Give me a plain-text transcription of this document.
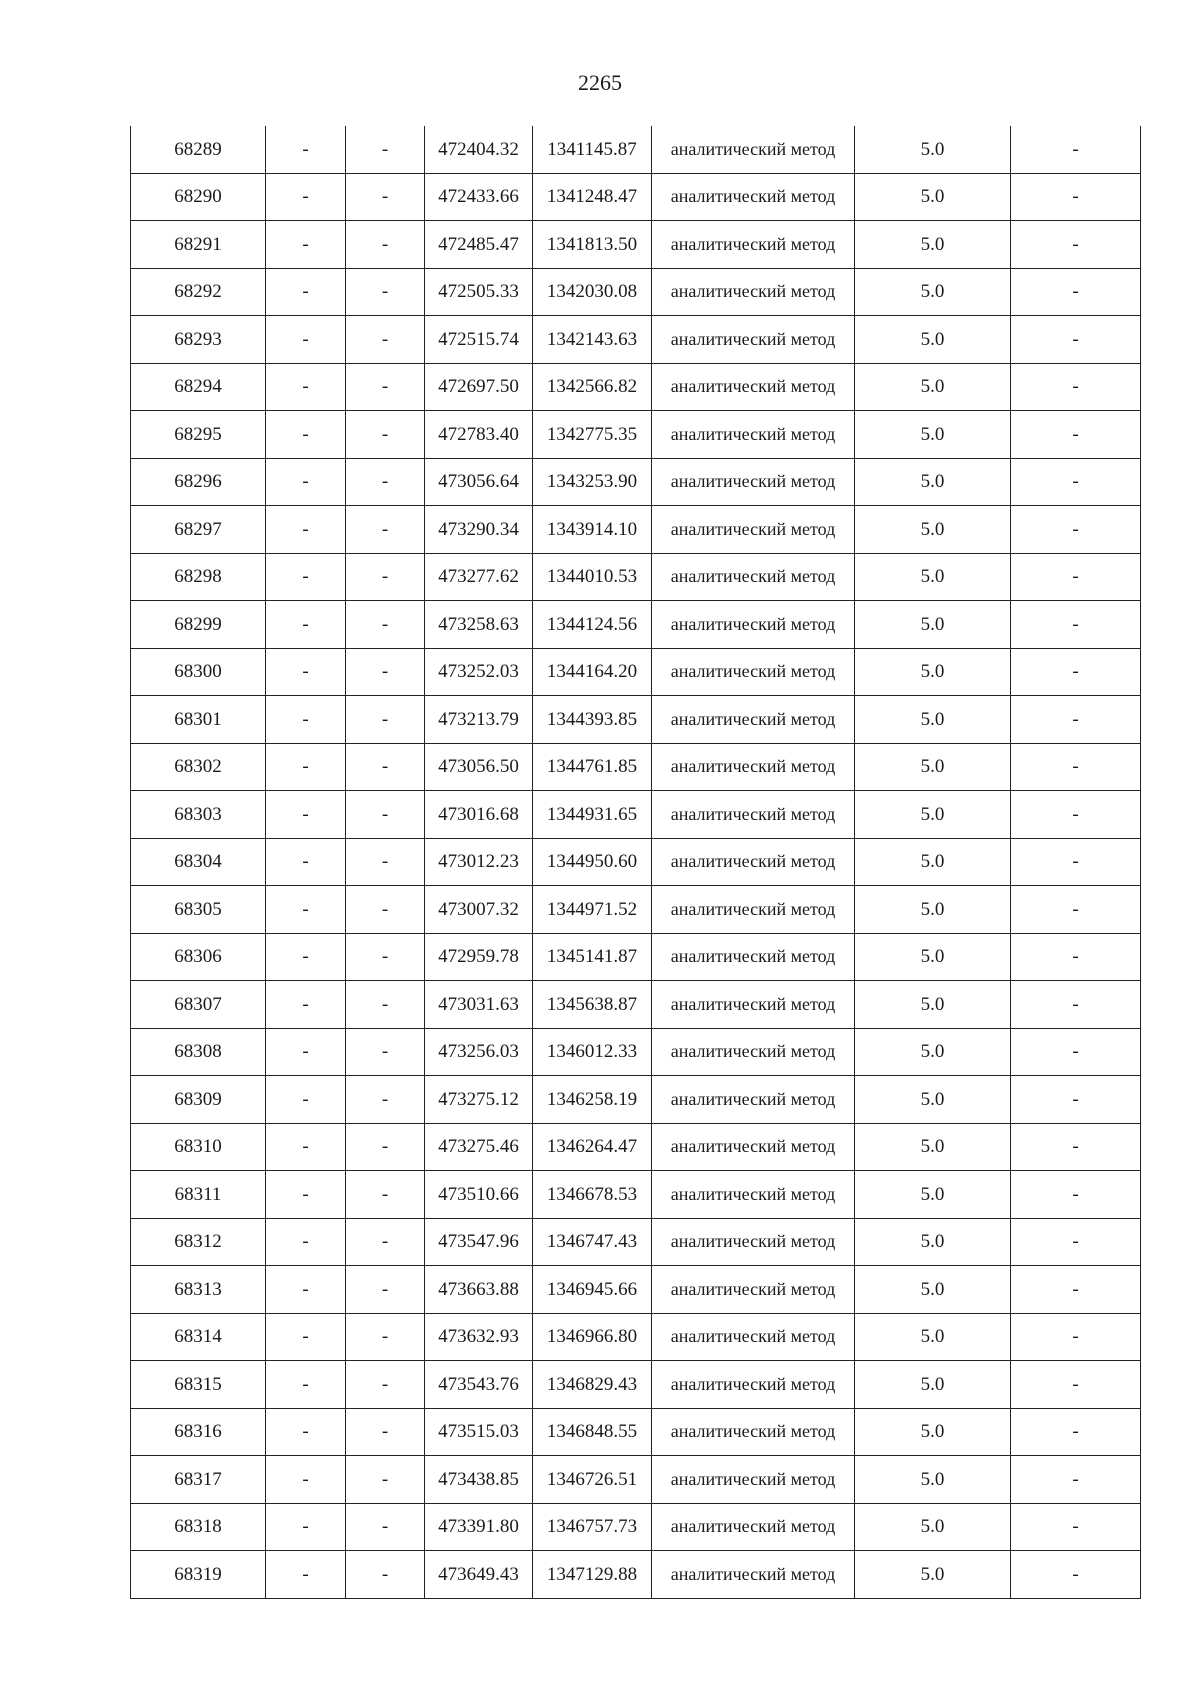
2265
68289	-	-	472404.32	1341145.87	аналитический метод	5.0	-
68290	-	-	472433.66	1341248.47	аналитический метод	5.0	-
68291	-	-	472485.47	1341813.50	аналитический метод	5.0	-
68292	-	-	472505.33	1342030.08	аналитический метод	5.0	-
68293	-	-	472515.74	1342143.63	аналитический метод	5.0	-
68294	-	-	472697.50	1342566.82	аналитический метод	5.0	-
68295	-	-	472783.40	1342775.35	аналитический метод	5.0	-
68296	-	-	473056.64	1343253.90	аналитический метод	5.0	-
68297	-	-	473290.34	1343914.10	аналитический метод	5.0	-
68298	-	-	473277.62	1344010.53	аналитический метод	5.0	-
68299	-	-	473258.63	1344124.56	аналитический метод	5.0	-
68300	-	-	473252.03	1344164.20	аналитический метод	5.0	-
68301	-	-	473213.79	1344393.85	аналитический метод	5.0	-
68302	-	-	473056.50	1344761.85	аналитический метод	5.0	-
68303	-	-	473016.68	1344931.65	аналитический метод	5.0	-
68304	-	-	473012.23	1344950.60	аналитический метод	5.0	-
68305	-	-	473007.32	1344971.52	аналитический метод	5.0	-
68306	-	-	472959.78	1345141.87	аналитический метод	5.0	-
68307	-	-	473031.63	1345638.87	аналитический метод	5.0	-
68308	-	-	473256.03	1346012.33	аналитический метод	5.0	-
68309	-	-	473275.12	1346258.19	аналитический метод	5.0	-
68310	-	-	473275.46	1346264.47	аналитический метод	5.0	-
68311	-	-	473510.66	1346678.53	аналитический метод	5.0	-
68312	-	-	473547.96	1346747.43	аналитический метод	5.0	-
68313	-	-	473663.88	1346945.66	аналитический метод	5.0	-
68314	-	-	473632.93	1346966.80	аналитический метод	5.0	-
68315	-	-	473543.76	1346829.43	аналитический метод	5.0	-
68316	-	-	473515.03	1346848.55	аналитический метод	5.0	-
68317	-	-	473438.85	1346726.51	аналитический метод	5.0	-
68318	-	-	473391.80	1346757.73	аналитический метод	5.0	-
68319	-	-	473649.43	1347129.88	аналитический метод	5.0	-
